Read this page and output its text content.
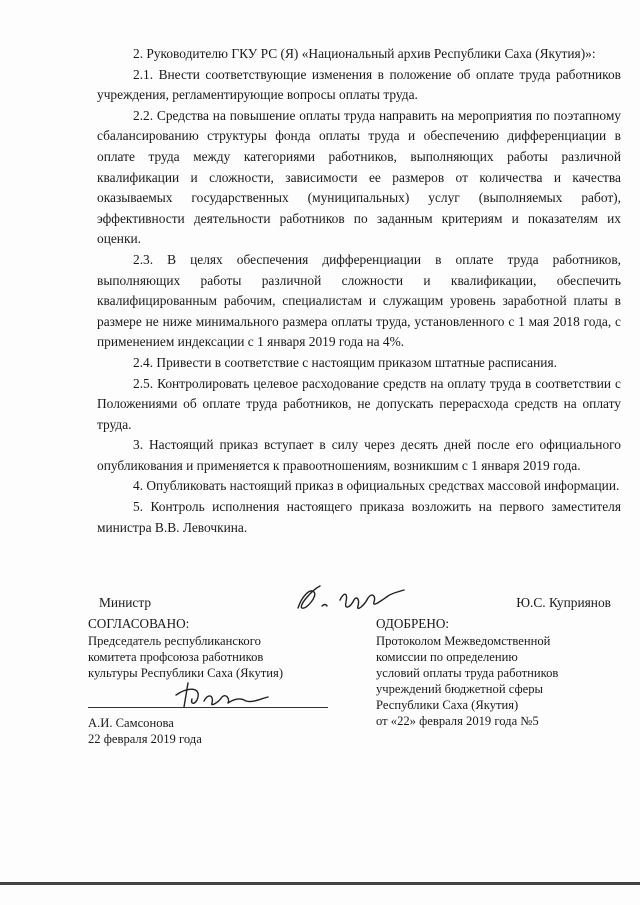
2. Руководителю ГКУ РС (Я) «Национальный архив Республики Саха (Якутия)»:

2.1. Внести соответствующие изменения в положение об оплате труда работников учреждения, регламентирующие вопросы оплаты труда.

2.2. Средства на повышение оплаты труда направить на мероприятия по поэтапному сбалансированию структуры фонда оплаты труда и обеспечению дифференциации в оплате труда между категориями работников, выполняющих работы различной квалификации и сложности, зависимости ее размеров от количества и качества оказываемых государственных (муниципальных) услуг (выполняемых работ), эффективности деятельности работников по заданным критериям и показателям их оценки.

2.3. В целях обеспечения дифференциации в оплате труда работников, выполняющих работы различной сложности и квалификации, обеспечить квалифицированным рабочим, специалистам и служащим уровень заработной платы в размере не ниже минимального размера оплаты труда, установленного с 1 мая 2018 года, с применением индексации с 1 января 2019 года на 4%.

2.4. Привести в соответствие с настоящим приказом штатные расписания.

2.5. Контролировать целевое расходование средств на оплату труда в соответствии с Положениями об оплате труда работников, не допускать перерасхода средств на оплату труда.

3. Настоящий приказ вступает в силу через десять дней после его официального опубликования и применяется к правоотношениям, возникшим с 1 января 2019 года.

4. Опубликовать настоящий приказ в официальных средствах массовой информации.

5. Контроль исполнения настоящего приказа возложить на первого заместителя министра В.В. Левочкина.

Министр	Ю.С. Куприянов
СОГЛАСОВАНО:
Председатель республиканского
комитета профсоюза работников
культуры Республики Саха (Якутия)
А.И. Самсонова
22 февраля 2019 года
ОДОБРЕНО:
Протоколом Межведомственной
комиссии по определению
условий оплаты труда работников
учреждений бюджетной сферы
Республики Саха (Якутия)
от «22» февраля 2019 года №5
